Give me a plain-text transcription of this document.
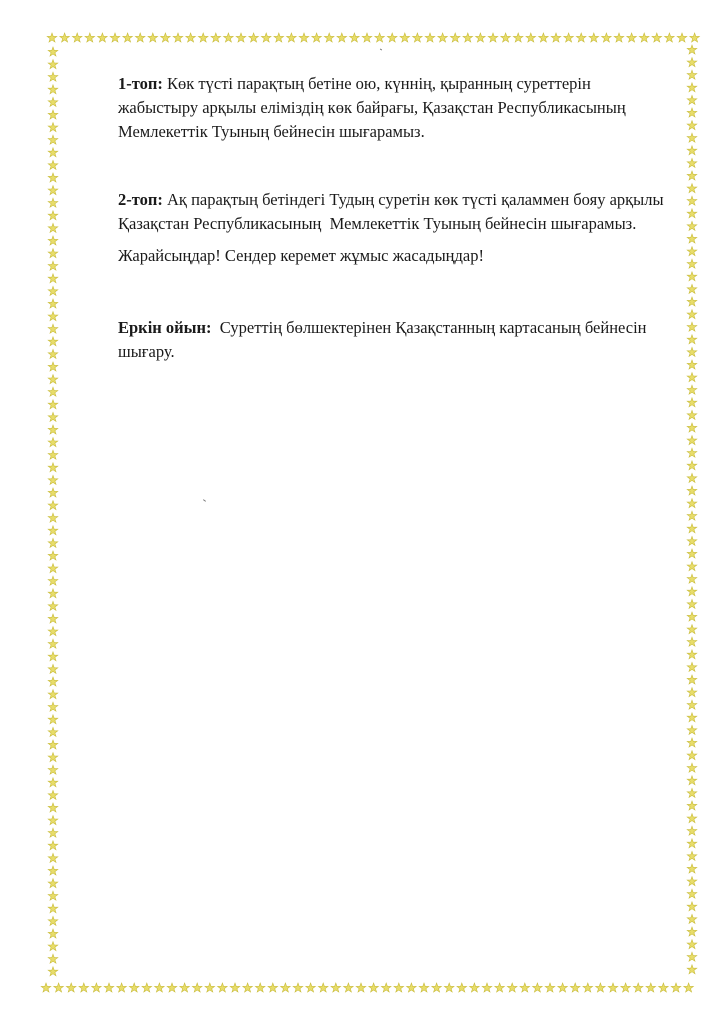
1-топ: Көк түсті парақтың бетіне ою, күннің, қыранның суреттерін
жабыстыру арқылы еліміздің көк байрағы, Қазақстан Республикасының
Мемлекеттік Туының бейнесін шығарамыз.

2-топ: Ақ парақтың бетіндегі Тудың суретін көк түсті қаламмен бояу арқылы
Қазақстан Республикасының  Мемлекеттік Туының бейнесін шығарамыз.

Жарайсыңдар! Сендер керемет жұмыс жасадыңдар!

Еркін ойын: Суреттің бөлшектерінен Қазақстанның картасаның бейнесін
шығару.
